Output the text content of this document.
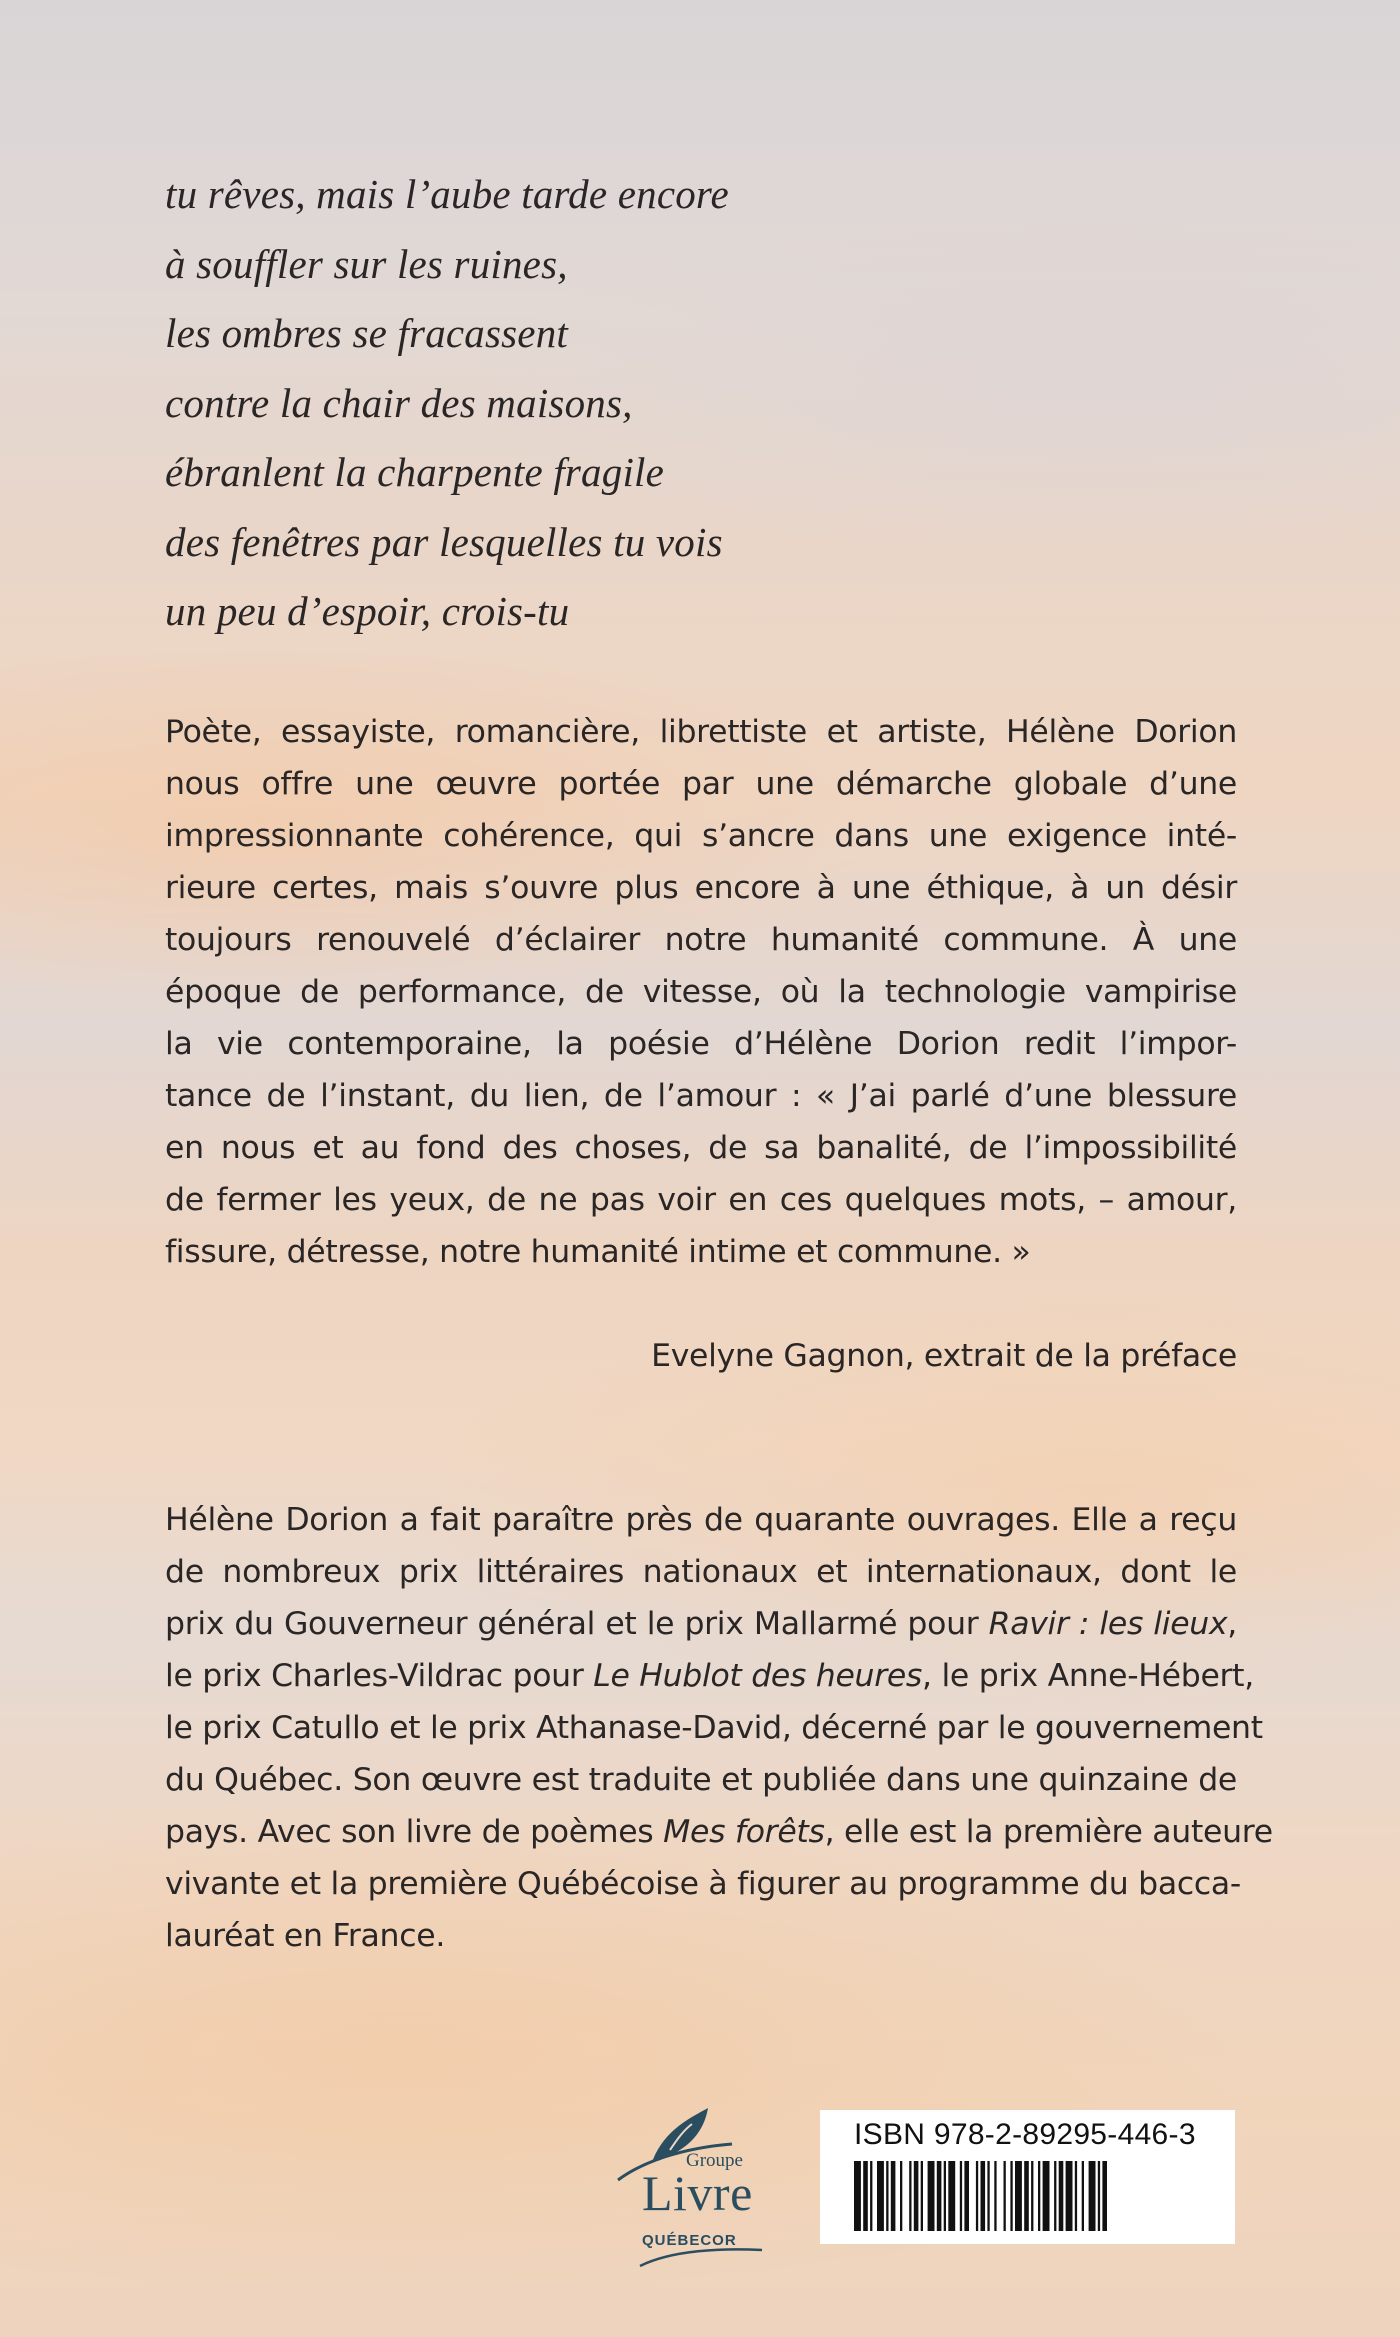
tu rêves, mais l’aube tarde encore
à souffler sur les ruines,
les ombres se fracassent
contre la chair des maisons,
ébranlent la charpente fragile
des fenêtres par lesquelles tu vois
un peu d’espoir, crois-tu
Poète, essayiste, romancière, librettiste et artiste, Hélène Dorion
nous offre une œuvre portée par une démarche globale d’une
impressionnante cohérence, qui s’ancre dans une exigence inté-
rieure certes, mais s’ouvre plus encore à une éthique, à un désir
toujours renouvelé d’éclairer notre humanité commune. À une
époque de performance, de vitesse, où la technologie vampirise
la vie contemporaine, la poésie d’Hélène Dorion redit l’impor-
tance de l’instant, du lien, de l’amour : « J’ai parlé d’une blessure
en nous et au fond des choses, de sa banalité, de l’impossibilité
de fermer les yeux, de ne pas voir en ces quelques mots, – amour,
fissure, détresse, notre humanité intime et commune. »
Evelyne Gagnon, extrait de la préface
Hélène Dorion a fait paraître près de quarante ouvrages. Elle a reçu
de nombreux prix littéraires nationaux et internationaux, dont le
prix du Gouverneur général et le prix Mallarmé pour Ravir : les lieux,
le prix Charles-Vildrac pour Le Hublot des heures, le prix Anne-Hébert,
le prix Catullo et le prix Athanase-David, décerné par le gouvernement
du Québec. Son œuvre est traduite et publiée dans une quinzaine de
pays. Avec son livre de poèmes Mes forêts, elle est la première auteure
vivante et la première Québécoise à figurer au programme du bacca-
lauréat en France.
Groupe
Livre
QUÉBECOR
ISBN 978-2-89295-446-3
